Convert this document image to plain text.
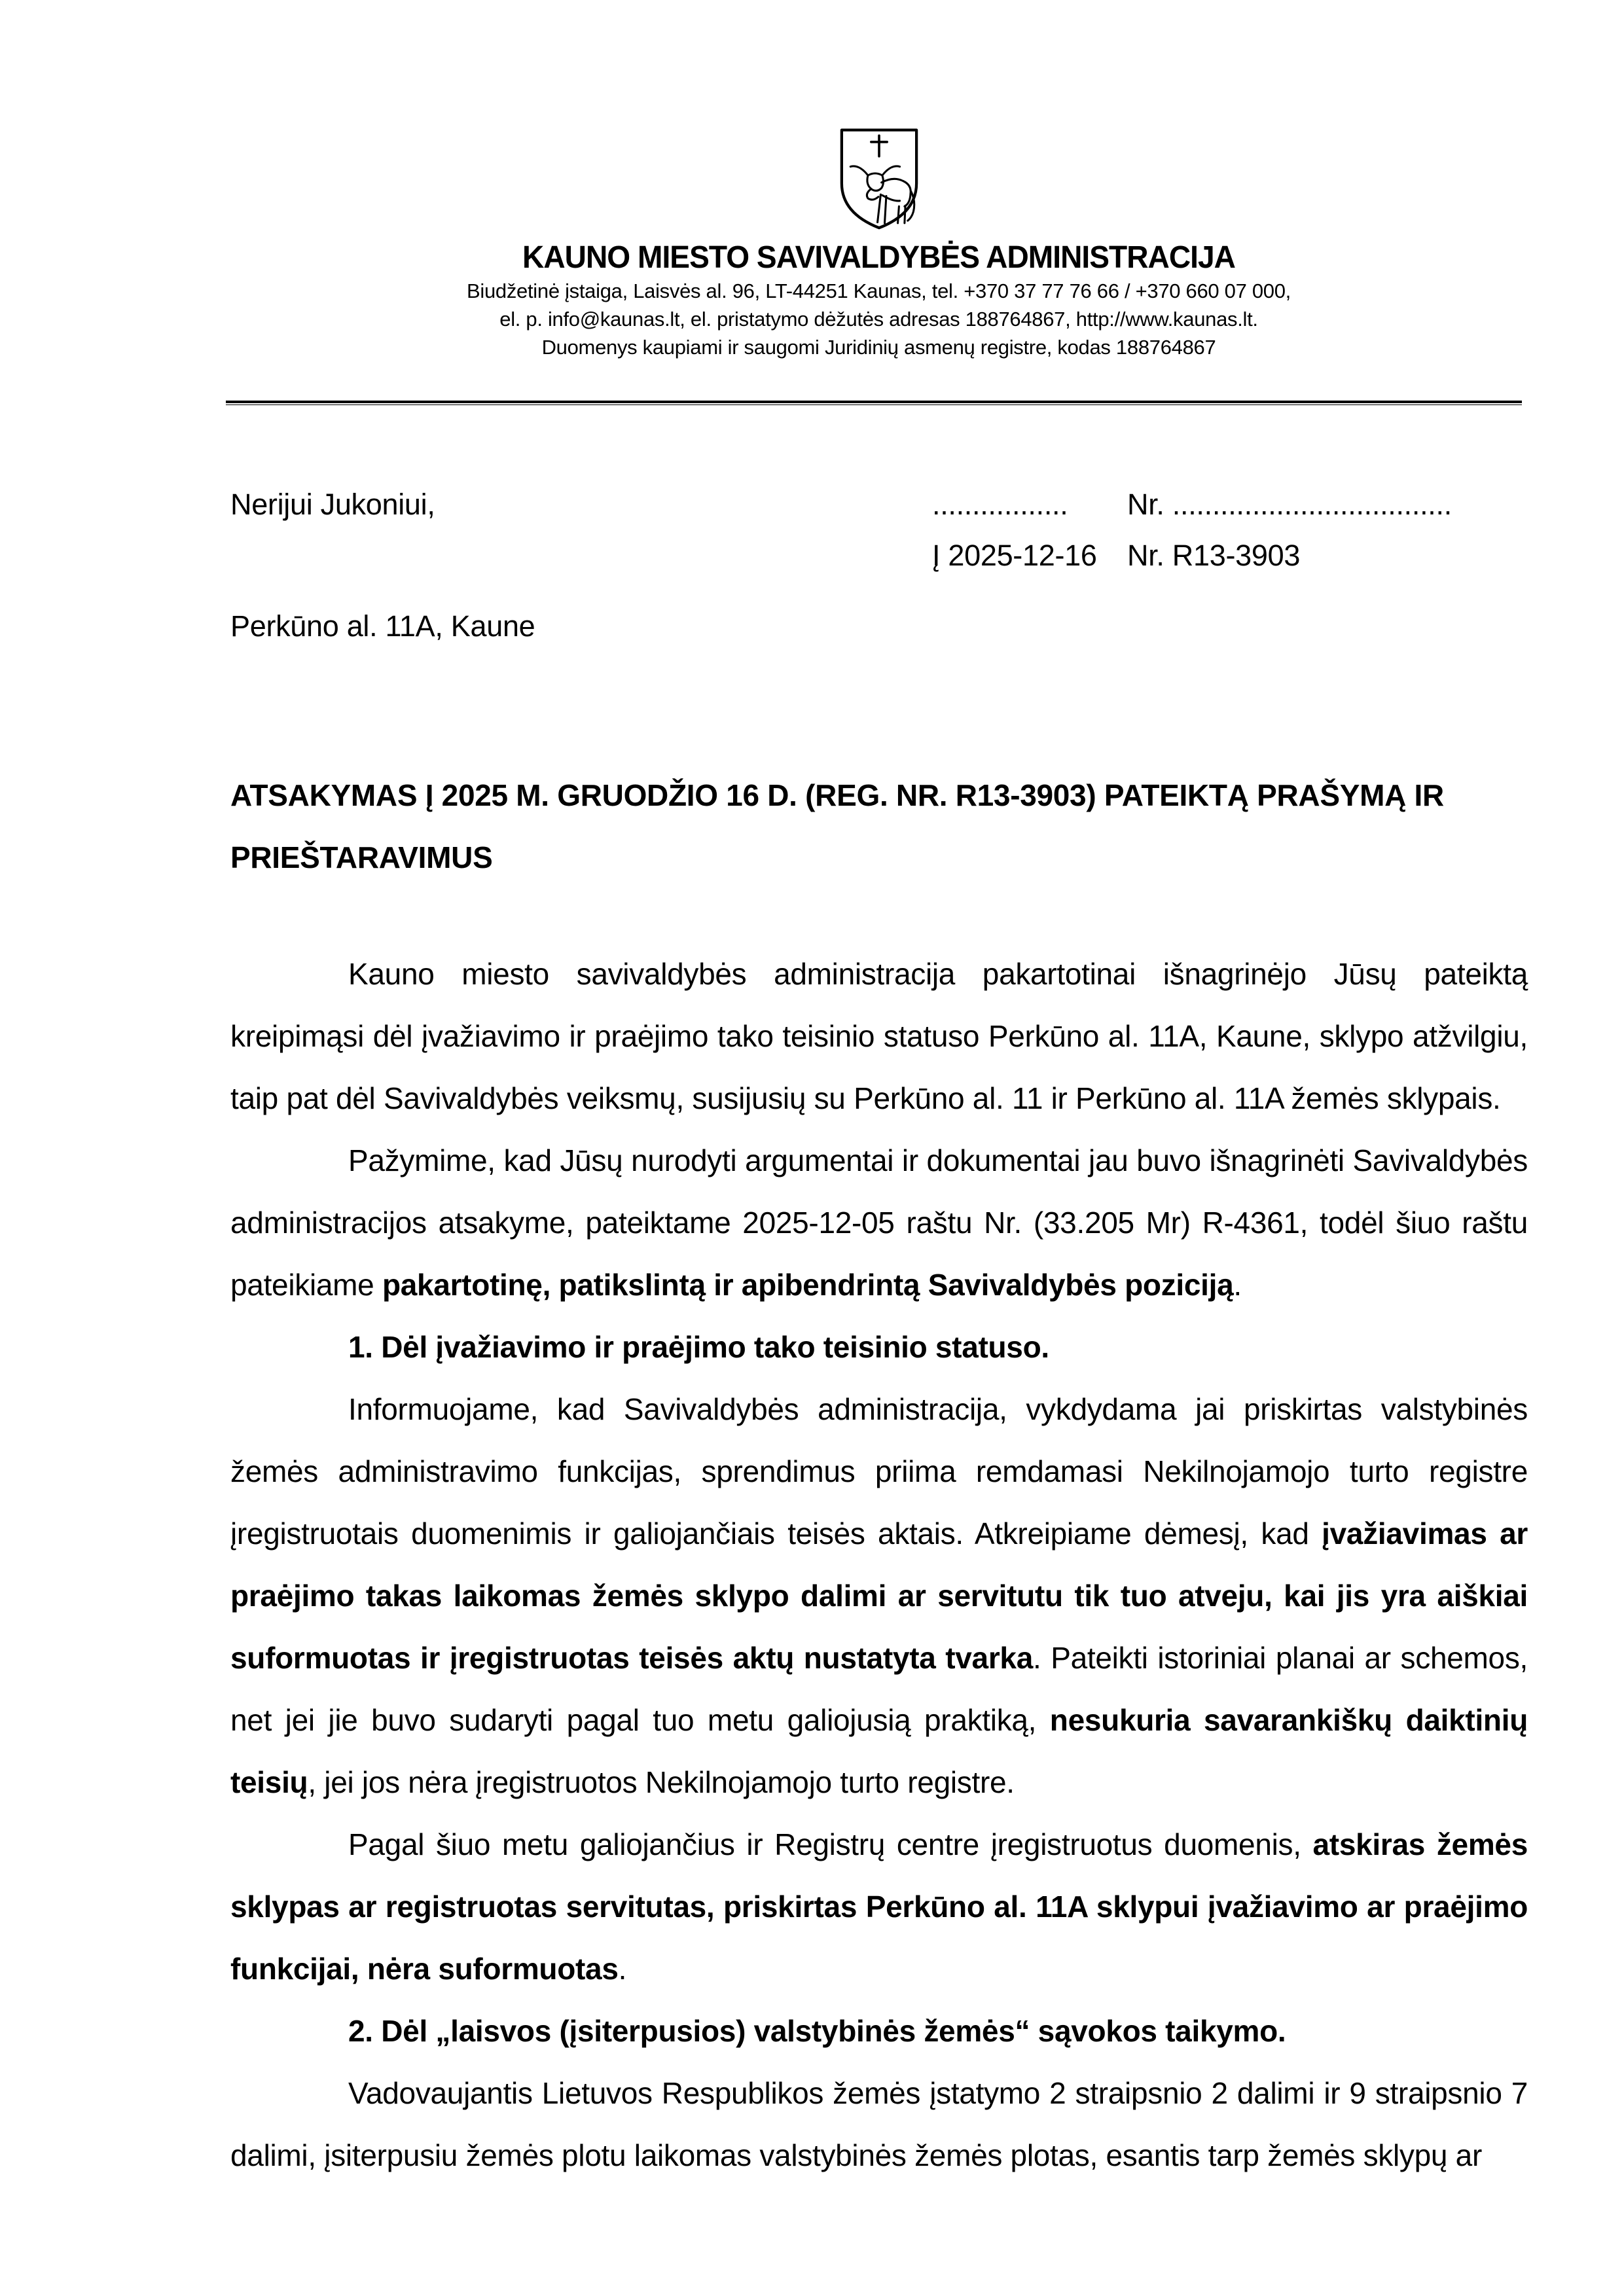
KAUNO MIESTO SAVIVALDYBĖS ADMINISTRACIJA
Biudžetinė įstaiga, Laisvės al. 96, LT-44251 Kaunas, tel. +370 37 77 76 66 / +370 660 07 000,
el. p. info@kaunas.lt, el. pristatymo dėžutės adresas 188764867, http://www.kaunas.lt.
Duomenys kaupiami ir saugomi Juridinių asmenų registre, kodas 188764867
Nerijui Jukoniui,
Perkūno al. 11A, Kaune
.................	Nr. ...................................
Į 2025-12-16	Nr. R13-3903
ATSAKYMAS Į 2025 M. GRUODŽIO 16 D. (REG. NR. R13-3903) PATEIKTĄ PRAŠYMĄ IR PRIEŠTARAVIMUS

Kauno miesto savivaldybės administracija pakartotinai išnagrinėjo Jūsų pateiktą kreipimąsi dėl įvažiavimo ir praėjimo tako teisinio statuso Perkūno al. 11A, Kaune, sklypo atžvilgiu, taip pat dėl Savivaldybės veiksmų, susijusių su Perkūno al. 11 ir Perkūno al. 11A žemės sklypais.

Pažymime, kad Jūsų nurodyti argumentai ir dokumentai jau buvo išnagrinėti Savivaldybės administracijos atsakyme, pateiktame 2025-12-05 raštu Nr. (33.205 Mr) R-4361, todėl šiuo raštu pateikiame pakartotinę, patikslintą ir apibendrintą Savivaldybės poziciją.

1. Dėl įvažiavimo ir praėjimo tako teisinio statuso.

Informuojame, kad Savivaldybės administracija, vykdydama jai priskirtas valstybinės žemės administravimo funkcijas, sprendimus priima remdamasi Nekilnojamojo turto registre įregistruotais duomenimis ir galiojančiais teisės aktais. Atkreipiame dėmesį, kad įvažiavimas ar praėjimo takas laikomas žemės sklypo dalimi ar servitutu tik tuo atveju, kai jis yra aiškiai suformuotas ir įregistruotas teisės aktų nustatyta tvarka. Pateikti istoriniai planai ar schemos, net jei jie buvo sudaryti pagal tuo metu galiojusią praktiką, nesukuria savarankiškų daiktinių teisių, jei jos nėra įregistruotos Nekilnojamojo turto registre.

Pagal šiuo metu galiojančius ir Registrų centre įregistruotus duomenis, atskiras žemės sklypas ar registruotas servitutas, priskirtas Perkūno al. 11A sklypui įvažiavimo ar praėjimo funkcijai, nėra suformuotas.

2. Dėl „laisvos (įsiterpusios) valstybinės žemės“ sąvokos taikymo.

Vadovaujantis Lietuvos Respublikos žemės įstatymo 2 straipsnio 2 dalimi ir 9 straipsnio 7 dalimi, įsiterpusiu žemės plotu laikomas valstybinės žemės plotas, esantis tarp žemės sklypų ar
